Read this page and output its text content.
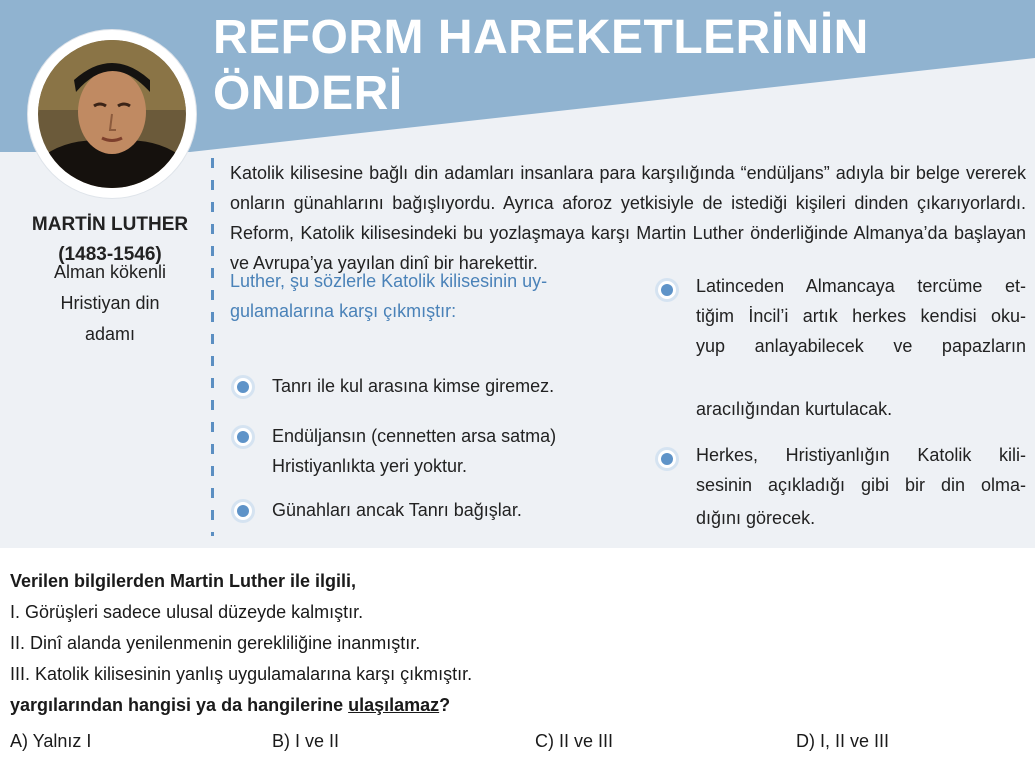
REFORM HAREKETLERİNİN
ÖNDERİ
MARTİN LUTHER
(1483-1546)
Alman kökenli
Hristiyan din
adamı
Katolik kilisesine bağlı din adamları insanlara para karşılığında “endüljans” adıyla bir belge vererek onların günahlarını bağışlıyordu. Ayrıca aforoz yetkisiyle de istediği kişileri dinden çıkarıyorlardı. Reform, Katolik kilisesindeki bu yozlaşmaya karşı Martin Luther önderliğinde Almanya’da başlayan ve Avrupa’ya yayılan dinî bir harekettir.
Luther, şu sözlerle Katolik kilisesinin uy-
gulamalarına karşı çıkmıştır:
Tanrı ile kul arasına kimse giremez.
Endüljansın (cennetten arsa satma)
Hristiyanlıkta yeri yoktur.
Günahları ancak Tanrı bağışlar.
Latinceden Almancaya tercüme et-
tiğim İncil’i artık herkes kendisi oku-
yup anlayabilecek ve papazların
aracılığından kurtulacak.
Herkes, Hristiyanlığın Katolik kili-
sesinin açıkladığı gibi bir din olma-
dığını görecek.
Verilen bilgilerden Martin Luther ile ilgili,
I. Görüşleri sadece ulusal düzeyde kalmıştır.
II. Dinî alanda yenilenmenin gerekliliğine inanmıştır.
III. Katolik kilisesinin yanlış uygulamalarına karşı çıkmıştır.
yargılarından hangisi ya da hangilerine ulaşılamaz?
A) Yalnız I	B) I ve II	C) II ve III	D) I, II ve III
